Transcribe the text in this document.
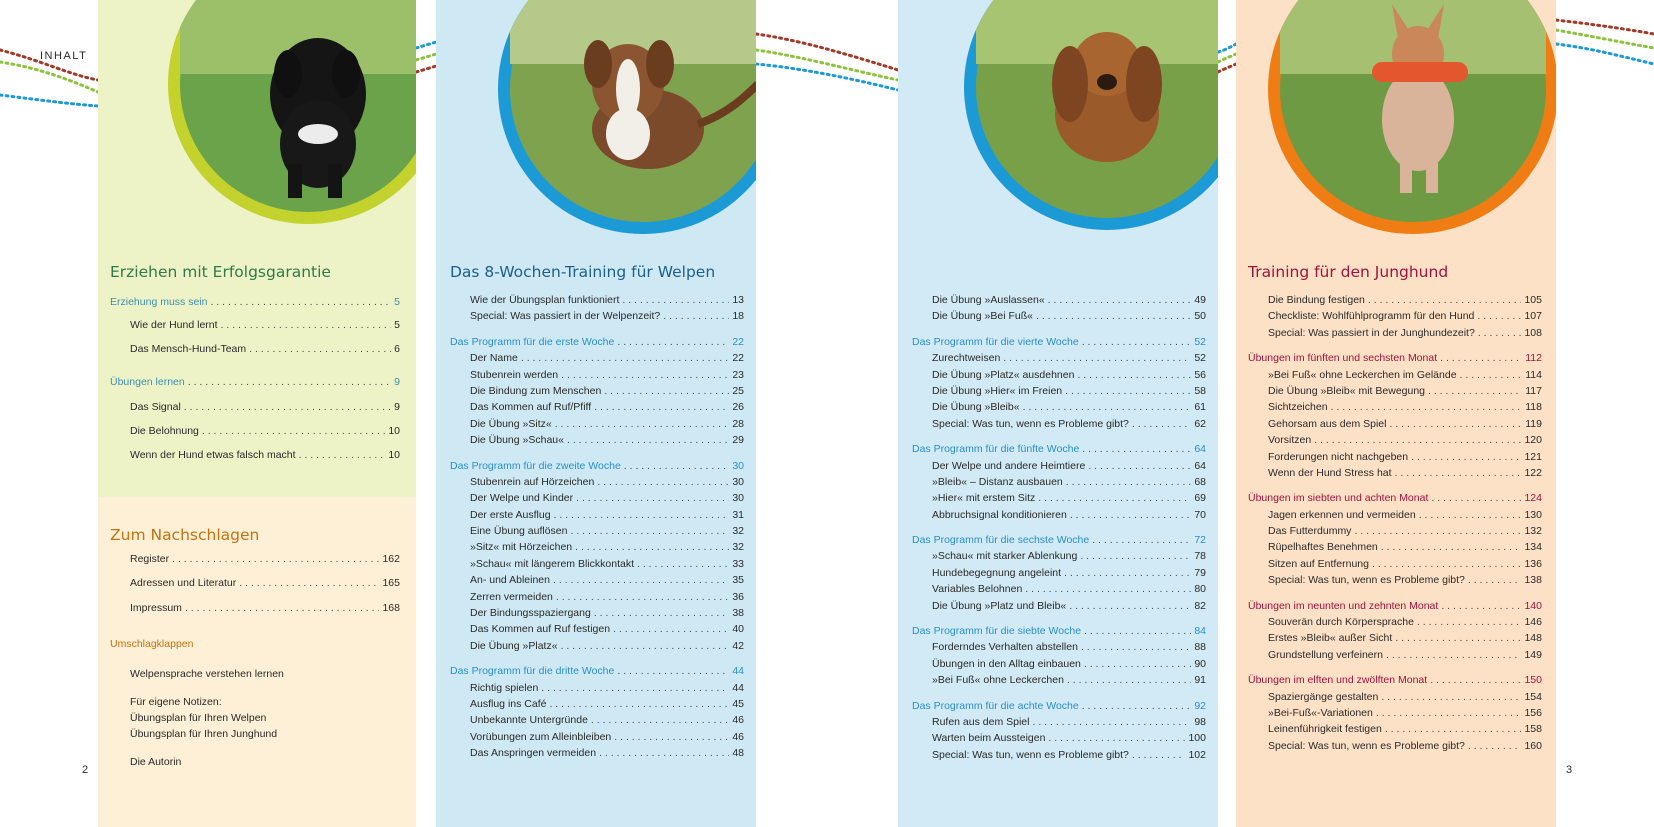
INHALT
2	3
Erziehen mit Erfolgsgarantie
Erziehung muss sein . . .	5
Wie der Hund lernt . . .	5
Das Mensch-Hund-Team . . .	6
Übungen lernen . . .	9
Das Signal . . .	9
Die Belohnung . . .	10
Wenn der Hund etwas falsch macht . . .	10
Zum Nachschlagen
Register . . .	162
Adressen und Literatur . . .	165
Impressum . . .	168
Umschlagklappen
Welpensprache verstehen lernen
Für eigene Notizen:
Übungsplan für Ihren Welpen
Übungsplan für Ihren Junghund
Die Autorin
Das 8-Wochen-Training für Welpen
Wie der Übungsplan funktioniert . . .	13
Special: Was passiert in der Welpenzeit? . . .	18
Das Programm für die erste Woche . . .	22
Der Name . . .	22
Stubenrein werden . . .	23
Die Bindung zum Menschen . . .	25
Das Kommen auf Ruf/Pfiff . . .	26
Die Übung »Sitz« . . .	28
Die Übung »Schau« . . .	29
Das Programm für die zweite Woche . . .	30
Stubenrein auf Hörzeichen . . .	30
Der Welpe und Kinder . . .	30
Der erste Ausflug . . .	31
Eine Übung auflösen . . .	32
»Sitz« mit Hörzeichen . . .	32
»Schau« mit längerem Blickkontakt . . .	33
An- und Ableinen . . .	35
Zerren vermeiden . . .	36
Der Bindungsspaziergang . . .	38
Das Kommen auf Ruf festigen . . .	40
Die Übung »Platz« . . .	42
Das Programm für die dritte Woche . . .	44
Richtig spielen . . .	44
Ausflug ins Café . . .	45
Unbekannte Untergründe . . .	46
Vorübungen zum Alleinbleiben . . .	46
Das Anspringen vermeiden . . .	48
Die Übung »Auslassen« . . .	49
Die Übung »Bei Fuß« . . .	50
Das Programm für die vierte Woche . . .	52
Zurechtweisen . . .	52
Die Übung »Platz« ausdehnen . . .	56
Die Übung »Hier« im Freien . . .	58
Die Übung »Bleib« . . .	61
Special: Was tun, wenn es Probleme gibt? . . .	62
Das Programm für die fünfte Woche . . .	64
Der Welpe und andere Heimtiere . . .	64
»Bleib« – Distanz ausbauen . . .	68
»Hier« mit erstem Sitz . . .	69
Abbruchsignal konditionieren . . .	70
Das Programm für die sechste Woche . . .	72
»Schau« mit starker Ablenkung . . .	78
Hundebegegnung angeleint . . .	79
Variables Belohnen . . .	80
Die Übung »Platz und Bleib« . . .	82
Das Programm für die siebte Woche . . .	84
Forderndes Verhalten abstellen . . .	88
Übungen in den Alltag einbauen . . .	90
»Bei Fuß« ohne Leckerchen . . .	91
Das Programm für die achte Woche . . .	92
Rufen aus dem Spiel . . .	98
Warten beim Aussteigen . . .	100
Special: Was tun, wenn es Probleme gibt? . . .	102
Training für den Junghund
Die Bindung festigen . . .	105
Checkliste: Wohlfühlprogramm für den Hund . . .	107
Special: Was passiert in der Junghundezeit? . . .	108
Übungen im fünften und sechsten Monat . . .	112
»Bei Fuß« ohne Leckerchen im Gelände . . .	114
Die Übung »Bleib« mit Bewegung . . .	117
Sichtzeichen . . .	118
Gehorsam aus dem Spiel . . .	119
Vorsitzen . . .	120
Forderungen nicht nachgeben . . .	121
Wenn der Hund Stress hat . . .	122
Übungen im siebten und achten Monat . . .	124
Jagen erkennen und vermeiden . . .	130
Das Futterdummy . . .	132
Rüpelhaftes Benehmen . . .	134
Sitzen auf Entfernung . . .	136
Special: Was tun, wenn es Probleme gibt? . . .	138
Übungen im neunten und zehnten Monat . . .	140
Souverän durch Körpersprache . . .	146
Erstes »Bleib« außer Sicht . . .	148
Grundstellung verfeinern . . .	149
Übungen im elften und zwölften Monat . . .	150
Spaziergänge gestalten . . .	154
»Bei-Fuß«-Variationen . . .	156
Leinenführigkeit festigen . . .	158
Special: Was tun, wenn es Probleme gibt? . . .	160
